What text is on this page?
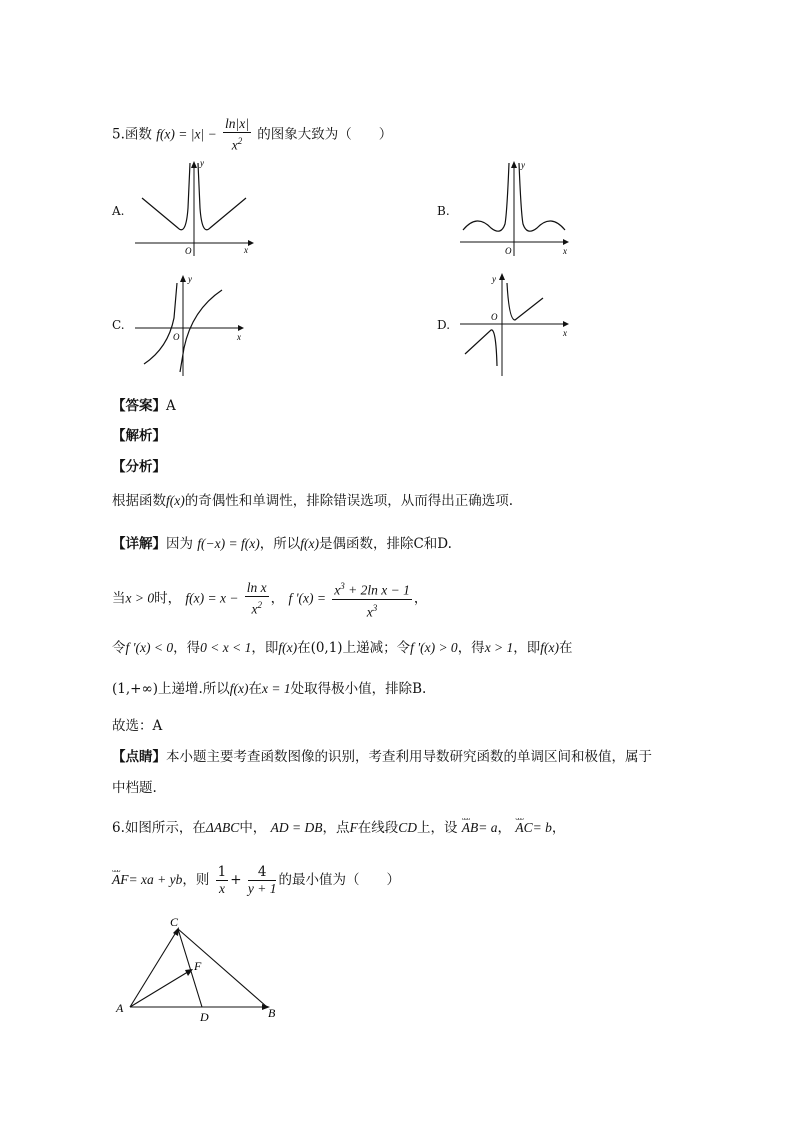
5.函数 $f(x) = |x| - \frac{\ln|x|}{x^2}$ 的图象大致为（　　）
A.
y
x
O
B.
y
x
O
C.
y
x
O
D.
y
x
O
【答案】A
【解析】
【分析】
根据函数f(x)的奇偶性和单调性，排除错误选项，从而得出正确选项.
【详解】因为 f(−x) = f(x)，所以f(x)是偶函数，排除C和D.
当x > 0时， $f(x) = x - \frac{\text{ln x}}{x^2}$ ， f '$(x) = \frac{x^3 + 2\ln x - 1}{x^3}$ ，
令f '(x) < 0，得0 < x < 1，即f(x)在(0,1)上递减；令f '(x) > 0，得x > 1，即f(x)在
(1,+∞)上递增.所以f(x)在x = 1处取得极小值，排除B.
故选：A
【点睛】本小题主要考查函数图像的识别，考查利用导数研究函数的单调区间和极值，属于
中档题.
6.如图所示，在ΔABC中， AD = DB，点F在线段CD上，设 ᴗᴗᴗ AB= a， ᴗᴗᴗ AC= b，
ᴗᴗᴗ AF= xa + yb，则 $\frac{1}{x} + \frac{4}{y + 1}$ 的最小值为（　　）
A	B
C
D
F
